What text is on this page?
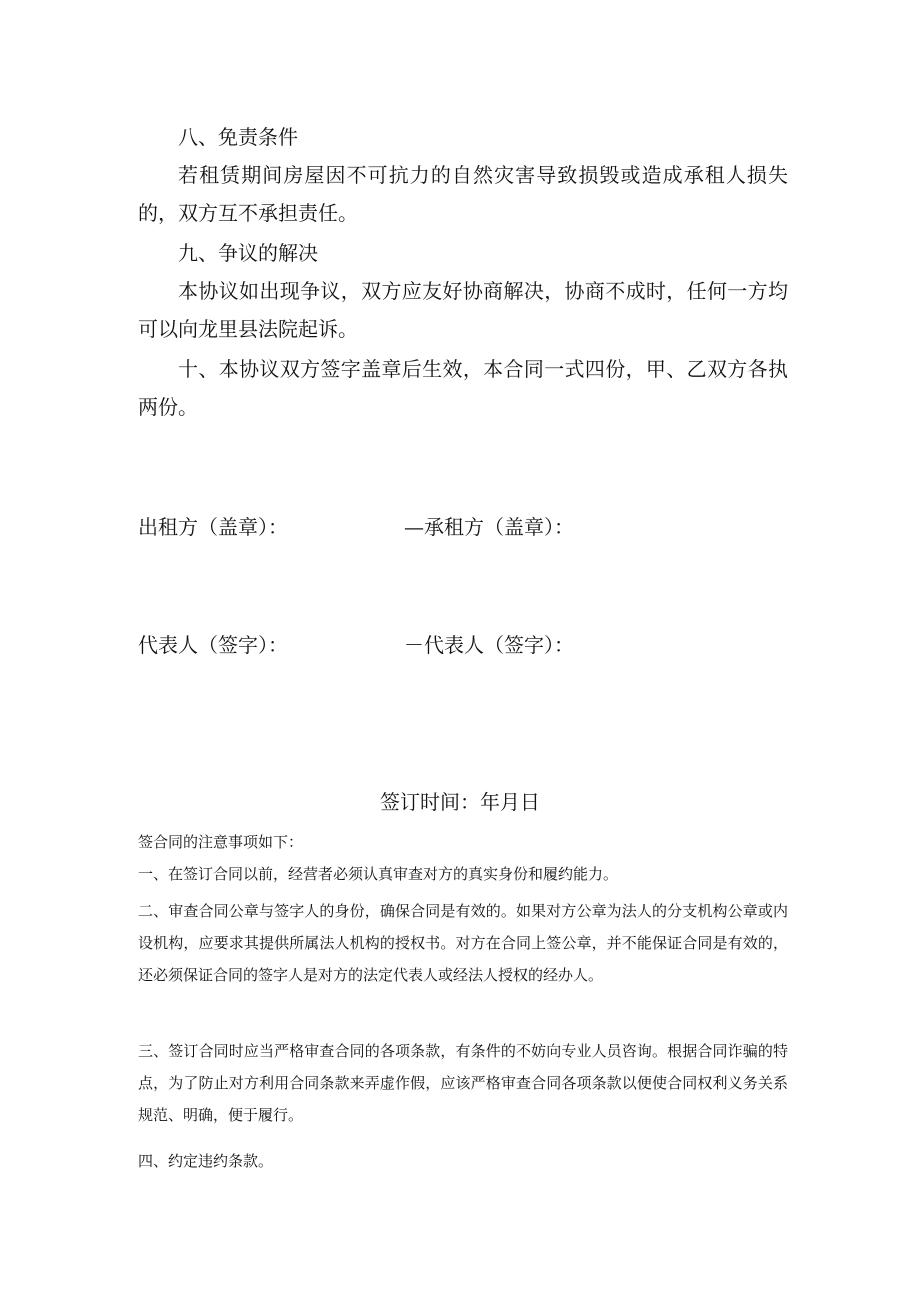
八、免责条件

若租赁期间房屋因不可抗力的自然灾害导致损毁或造成承租人损失的，双方互不承担责任。

九、争议的解决

本协议如出现争议，双方应友好协商解决，协商不成时，任何一方均可以向龙里县法院起诉。

十、本协议双方签字盖章后生效，本合同一式四份，甲、乙双方各执两份。

出租方（盖章）：	—承租方（盖章）：
代表人（签字）：	－代表人（签字）：
签订时间：年月日

签合同的注意事项如下：

一、在签订合同以前，经营者必须认真审查对方的真实身份和履约能力。

二、审查合同公章与签字人的身份，确保合同是有效的。如果对方公章为法人的分支机构公章或内设机构，应要求其提供所属法人机构的授权书。对方在合同上签公章，并不能保证合同是有效的，还必须保证合同的签字人是对方的法定代表人或经法人授权的经办人。

三、签订合同时应当严格审查合同的各项条款，有条件的不妨向专业人员咨询。根据合同诈骗的特点，为了防止对方利用合同条款来弄虚作假，应该严格审查合同各项条款以便使合同权利义务关系规范、明确，便于履行。

四、约定违约条款。
